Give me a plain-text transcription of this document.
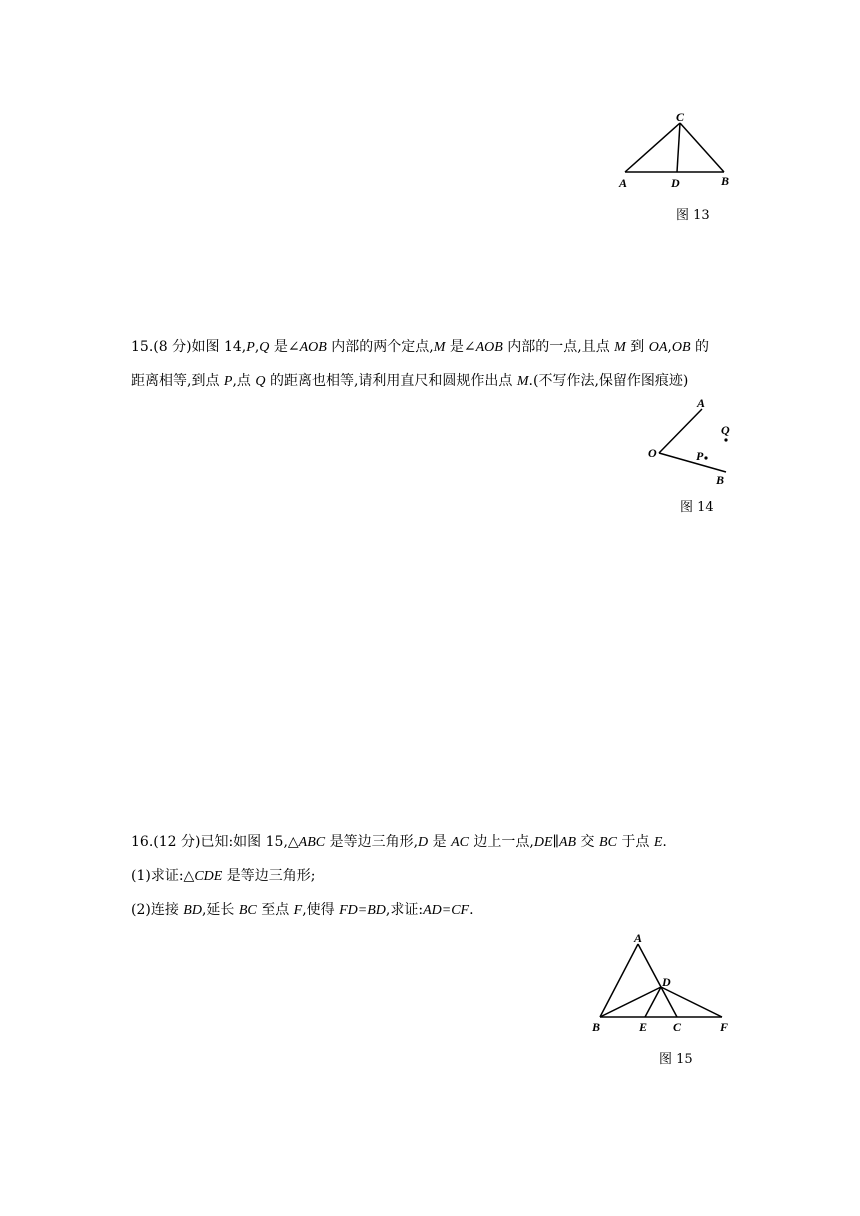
C
A	D	B
图 13
15.(8 分)如图 14,P,Q 是∠AOB 内部的两个定点,M 是∠AOB 内部的一点,且点 M 到 OA,OB 的
距离相等,到点 P,点 Q 的距离也相等,请利用直尺和圆规作出点 M.(不写作法,保留作图痕迹)
A
O
B
P
Q
图 14
16.(12 分)已知:如图 15,△ABC 是等边三角形,D 是 AC 边上一点,DE∥AB 交 BC 于点 E.
(1)求证:△CDE 是等边三角形;
(2)连接 BD,延长 BC 至点 F,使得 FD=BD,求证:AD=CF.
A
D
B	E C	F
图 15
